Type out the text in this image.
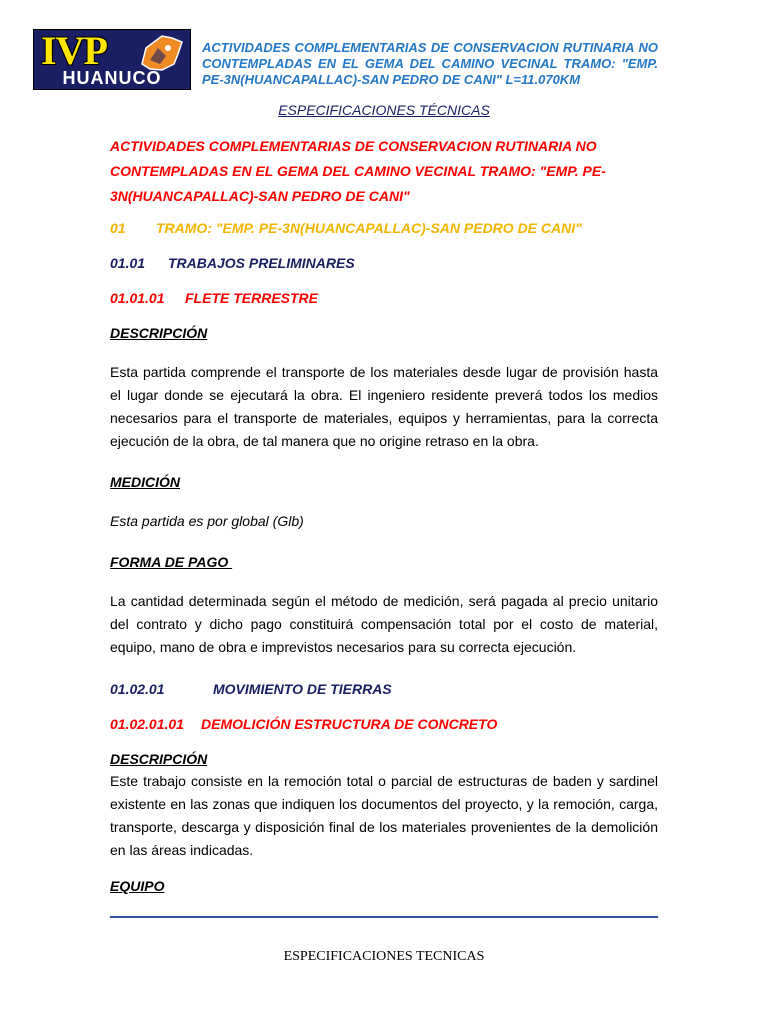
IVP
HUANUCO
ACTIVIDADES COMPLEMENTARIAS DE CONSERVACION RUTINARIA NO CONTEMPLADAS EN EL GEMA DEL CAMINO VECINAL TRAMO: "EMP. PE-3N(HUANCAPALLAC)-SAN PEDRO DE CANI" L=11.070KM
ESPECIFICACIONES TÉCNICAS
ACTIVIDADES COMPLEMENTARIAS DE CONSERVACION RUTINARIA NO CONTEMPLADAS EN EL GEMA DEL CAMINO VECINAL TRAMO: "EMP. PE-3N(HUANCAPALLAC)-SAN PEDRO DE CANI"
01 TRAMO: "EMP. PE-3N(HUANCAPALLAC)-SAN PEDRO DE CANI"
01.01 TRABAJOS PRELIMINARES
01.01.01 FLETE TERRESTRE
DESCRIPCIÓN
Esta partida comprende el transporte de los materiales desde lugar de provisión hasta el lugar donde se ejecutará la obra. El ingeniero residente preverá todos los medios necesarios para el transporte de materiales, equipos y herramientas, para la correcta ejecución de la obra, de tal manera que no origine retraso en la obra.
MEDICIÓN
Esta partida es por global (Glb)
FORMA DE PAGO
La cantidad determinada según el método de medición, será pagada al precio unitario del contrato y dicho pago constituirá compensación total por el costo de material, equipo, mano de obra e imprevistos necesarios para su correcta ejecución.
01.02.01	MOVIMIENTO DE TIERRAS
01.02.01.01 DEMOLICIÓN ESTRUCTURA DE CONCRETO
DESCRIPCIÓN
Este trabajo consiste en la remoción total o parcial de estructuras de baden y sardinel existente en las zonas que indiquen los documentos del proyecto, y la remoción, carga, transporte, descarga y disposición final de los materiales provenientes de la demolición en las áreas indicadas.
EQUIPO
ESPECIFICACIONES TECNICAS
